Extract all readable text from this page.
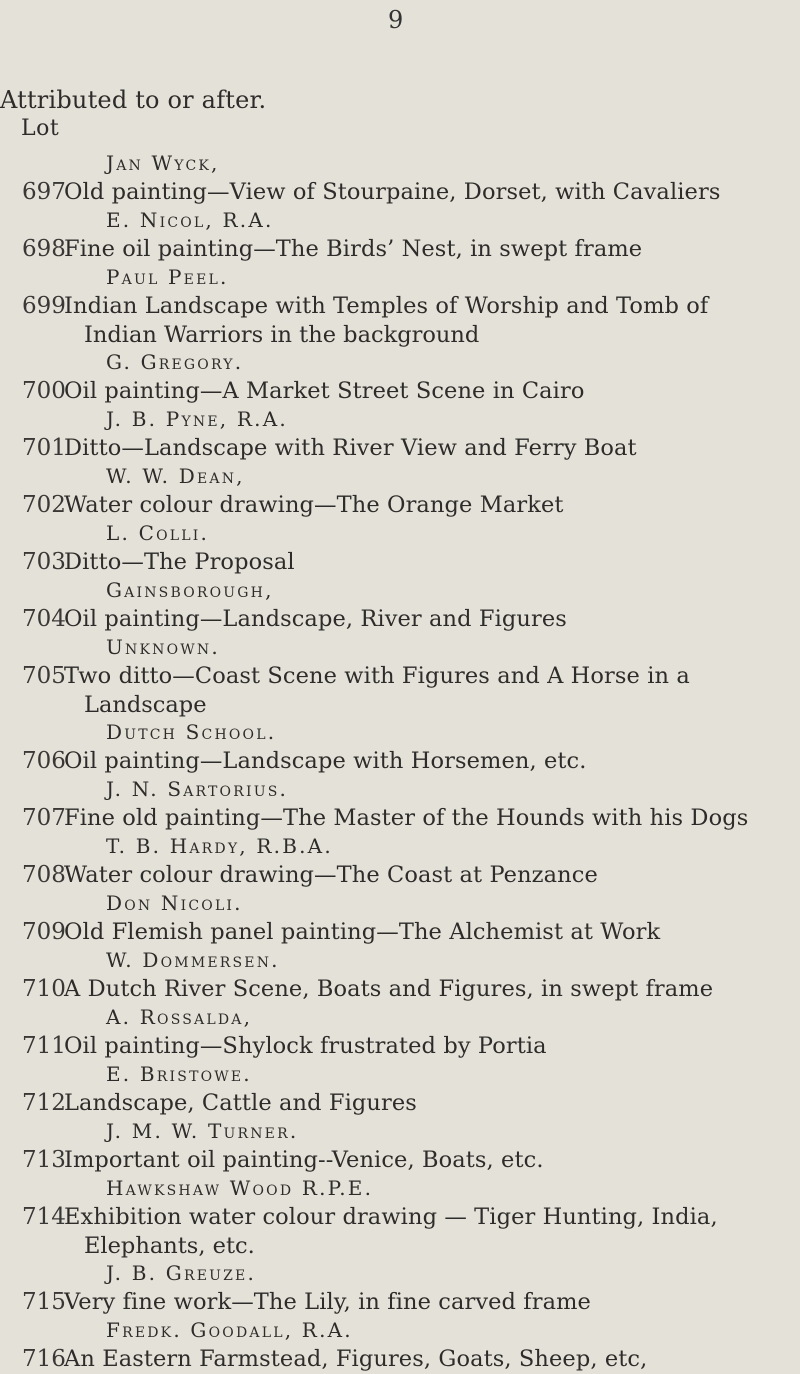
9
Attributed to or after.
Lot
Jan Wyck,
697
Old painting—View of Stourpaine, Dorset, with Cavaliers
E. Nicol, R.A.
698
Fine oil painting—The Birds’ Nest, in swept frame
Paul Peel.
699
Indian Landscape with Temples of Worship and Tomb of
Indian Warriors in the background
G. Gregory.
700
Oil painting—A Market Street Scene in Cairo
J. B. Pyne, R.A.
701
Ditto—Landscape with River View and Ferry Boat
W. W. Dean,
702
Water colour drawing—The Orange Market
L. Colli.
703
Ditto—The Proposal
Gainsborough,
704
Oil painting—Landscape, River and Figures
Unknown.
705
Two ditto—Coast Scene with Figures and A Horse in a
Landscape
Dutch School.
706
Oil painting—Landscape with Horsemen, etc.
J. N. Sartorius.
707
Fine old painting—The Master of the Hounds with his Dogs
T. B. Hardy, R.B.A.
708
Water colour drawing—The Coast at Penzance
Don Nicoli.
709
Old Flemish panel painting—The Alchemist at Work
W. Dommersen.
710
A Dutch River Scene, Boats and Figures, in swept frame
A. Rossalda,
711
Oil painting—Shylock frustrated by Portia
E. Bristowe.
712
Landscape, Cattle and Figures
J. M. W. Turner.
713
Important oil painting--Venice, Boats, etc.
Hawkshaw Wood R.P.E.
714
Exhibition water colour drawing — Tiger Hunting, India,
Elephants, etc.
J. B. Greuze.
715
Very fine work—The Lily, in fine carved frame
Fredk. Goodall, R.A.
716
An Eastern Farmstead, Figures, Goats, Sheep, etc,
